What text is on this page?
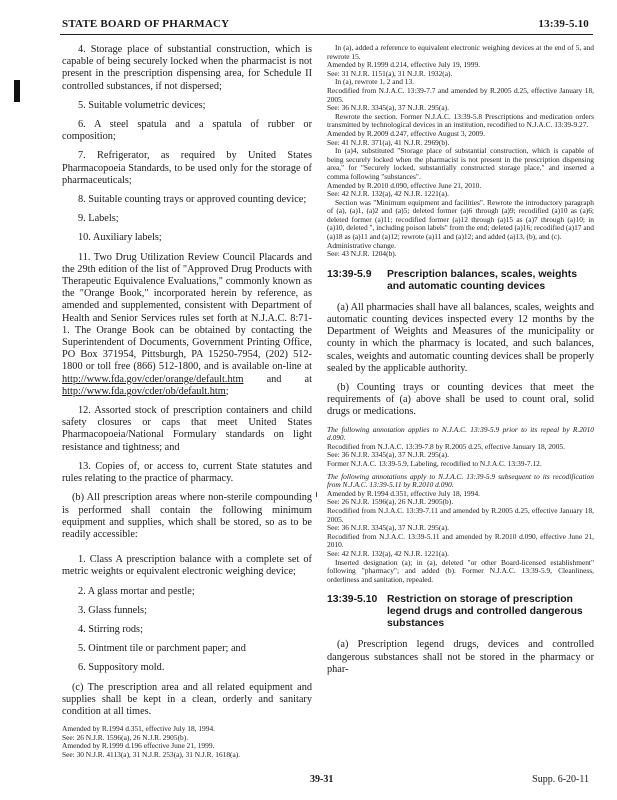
STATE BOARD OF PHARMACY	13:39-5.10

4. Storage place of substantial construction, which is capable of being securely locked when the pharmacist is not present in the prescription dispensing area, for Schedule II controlled substances, if not dispersed;

5. Suitable volumetric devices;

6. A steel spatula and a spatula of rubber or composition;

7. Refrigerator, as required by United States Pharmacopoeia Standards, to be used only for the storage of pharmaceuticals;

8. Suitable counting trays or approved counting device;

9. Labels;

10. Auxiliary labels;

11. Two Drug Utilization Review Council Placards and the 29th edition of the list of "Approved Drug Products with Therapeutic Equivalence Evaluations," commonly known as the "Orange Book," incorporated herein by reference, as amended and supplemented, consistent with Department of Health and Senior Services rules set forth at N.J.A.C. 8:71-1. The Orange Book can be obtained by contacting the Superintendent of Documents, Government Printing Office, PO Box 371954, Pittsburgh, PA 15250-7954, (202) 512-1800 or toll free (866) 512-1800, and is available on-line at http://www.fda.gov/cder/orange/default.htm and at http://www.fda.gov/cder/ob/default.htm;

12. Assorted stock of prescription containers and child safety closures or caps that meet United States Pharmacopoeia/National Formulary standards on light resistance and tightness; and

13. Copies of, or access to, current State statutes and rules relating to the practice of pharmacy.

(b) All prescription areas where non-sterile compounding is performed shall contain the following minimum equipment and supplies, which shall be stored, so as to be readily accessible:

1. Class A prescription balance with a complete set of metric weights or equivalent electronic weighing device;

2. A glass mortar and pestle;

3. Glass funnels;

4. Stirring rods;

5. Ointment tile or parchment paper; and

6. Suppository mold.

(c) The prescription area and all related equipment and supplies shall be kept in a clean, orderly and sanitary condition at all times.

Amended by R.1994 d.351, effective July 18, 1994.

See: 26 N.J.R. 1596(a), 26 N.J.R. 2905(b).

Amended by R.1999 d.196 effective June 21, 1999.

See: 30 N.J.R. 4113(a), 31 N.J.R. 253(a), 31 N.J.R. 1618(a).

In (a), added a reference to equivalent electronic weighing devices at the end of 5, and rewrote 15.

Amended by R.1999 d.214, effective July 19, 1999.

See: 31 N.J.R. 1151(a), 31 N.J.R. 1932(a).

In (a), rewrote 1, 2 and 13.

Recodified from N.J.A.C. 13:39-7.7 and amended by R.2005 d.25, effective January 18, 2005.

See: 36 N.J.R. 3345(a), 37 N.J.R. 295(a).

Rewrote the section. Former N.J.A.C. 13:39-5.8 Prescriptions and medication orders transmitted by technological devices in an institution, recodified to N.J.A.C. 13:39-9.27.

Amended by R.2009 d.247, effective August 3, 2009.

See: 41 N.J.R. 371(a), 41 N.J.R. 2969(b).

In (a)4, substituted "Storage place of substantial construction, which is capable of being securely locked when the pharmacist is not present in the prescription dispensing area," for "Securely locked, substantially constructed storage place," and inserted a comma following "substances".

Amended by R.2010 d.090, effective June 21, 2010.

See: 42 N.J.R. 132(a), 42 N.J.R. 1221(a).

Section was "Minimum equipment and facilities". Rewrote the introductory paragraph of (a), (a)1, (a)2 and (a)5; deleted former (a)6 through (a)9; recodified (a)10 as (a)6; deleted former (a)11; recodified former (a)12 through (a)15 as (a)7 through (a)10; in (a)10, deleted ", including poison labels" from the end; deleted (a)16; recodified (a)17 and (a)18 as (a)11 and (a)12; rewrote (a)11 and (a)12; and added (a)13, (b), and (c).

Administrative change.

See: 43 N.J.R. 1204(b).

13:39-5.9	Prescription balances, scales, weights and automatic counting devices

(a) All pharmacies shall have all balances, scales, weights and automatic counting devices inspected every 12 months by the Department of Weights and Measures of the municipality or county in which the pharmacy is located, and such balances, scales, weights and automatic counting devices shall be properly sealed by the applicable authority.

(b) Counting trays or counting devices that meet the requirements of (a) above shall be used to count oral, solid drugs or medications.

The following annotation applies to N.J.A.C. 13:39-5.9 prior to its repeal by R.2010 d.090.

Recodified from N.J.A.C. 13:39-7.8 by R.2005 d.25, effective January 18, 2005.

See: 36 N.J.R. 3345(a), 37 N.J.R. 295(a).

Former N.J.A.C. 13:39-5.9, Labeling, recodified to N.J.A.C. 13:39-7.12.

The following annotations apply to N.J.A.C. 13:39-5.9 subsequent to its recodification from N.J.A.C. 13:39-5.11 by R.2010 d.090.

Amended by R.1994 d.351, effective July 18, 1994.

See: 26 N.J.R. 1596(a), 26 N.J.R. 2905(b).

Recodified from N.J.A.C. 13:39-7.11 and amended by R.2005 d.25, effective January 18, 2005.

See: 36 N.J.R. 3345(a), 37 N.J.R. 295(a).

Recodified from N.J.A.C. 13:39-5.11 and amended by R.2010 d.090, effective June 21, 2010.

See: 42 N.J.R. 132(a), 42 N.J.R. 1221(a).

Inserted designation (a); in (a), deleted "or other Board-licensed establishment" following "pharmacy"; and added (b). Former N.J.A.C. 13:39-5.9, Cleanliness, orderliness and sanitation, repealed.

13:39-5.10 Restriction on storage of prescription legend drugs and controlled dangerous substances

(a) Prescription legend drugs, devices and controlled dangerous substances shall not be stored in the pharmacy or phar-

39-31	Supp. 6-20-11
